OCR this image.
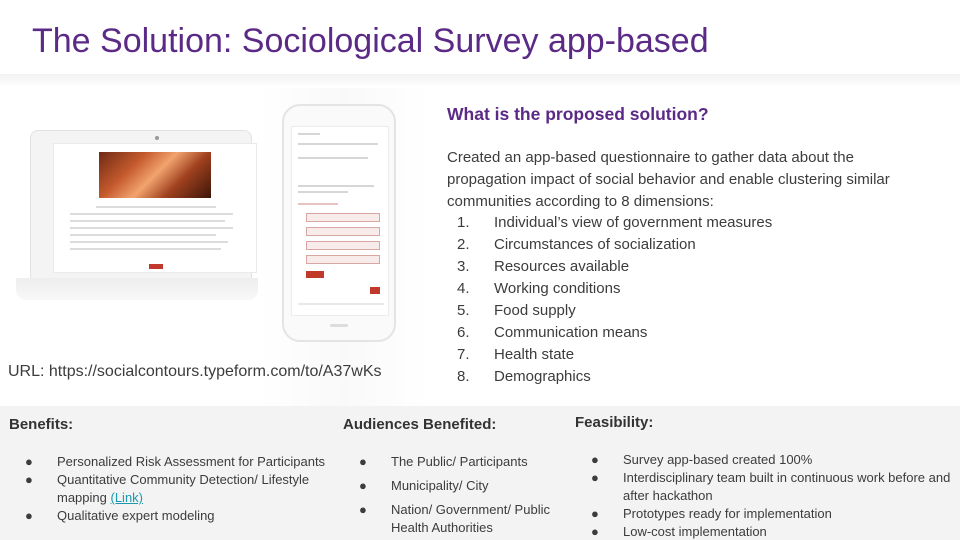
The Solution: Sociological Survey app-based
URL: https://socialcontours.typeform.com/to/A37wKs
What is the proposed solution?
Created an app-based questionnaire to gather data about the propagation impact of social behavior and enable clustering similar communities according to 8 dimensions:
1.	Individual’s view of government measures
2.	Circumstances of socialization
3.	Resources available
4.	Working conditions
5.	Food supply
6.	Communication means
7.	Health state
8.	Demographics
Benefits:
●	Personalized Risk Assessment for Participants
●	Quantitative Community Detection/ Lifestyle mapping (Link)
●	Qualitative expert modeling
Audiences Benefited:
●	The Public/ Participants
●	Municipality/ City
●	Nation/ Government/ Public Health Authorities
Feasibility:
●	Survey app-based created 100%
●	Interdisciplinary team built in continuous work before and after hackathon
●	Prototypes ready for implementation
●	Low-cost implementation
